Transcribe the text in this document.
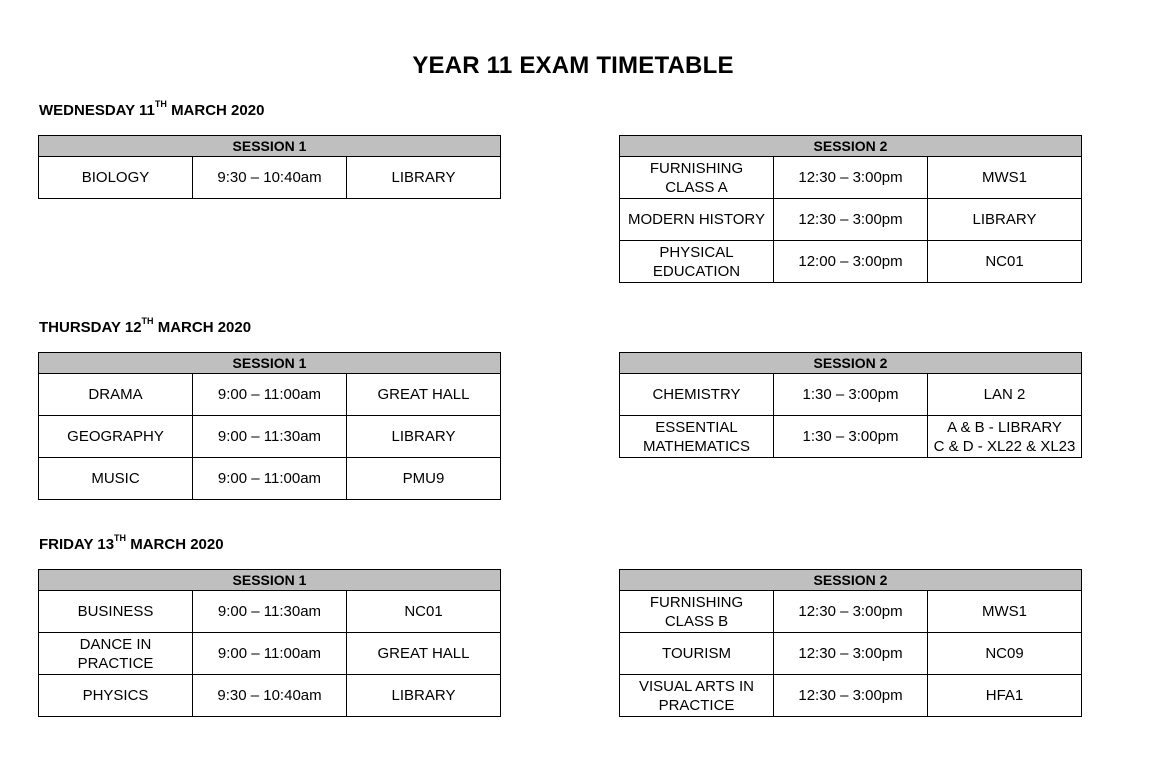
YEAR 11 EXAM TIMETABLE
WEDNESDAY 11TH MARCH 2020
SESSION 1
BIOLOGY	9:30 – 10:40am	LIBRARY
SESSION 2		
FURNISHING CLASS A	12:30 – 3:00pm	MWS1
MODERN HISTORY	12:30 – 3:00pm	LIBRARY
PHYSICAL EDUCATION	12:00 – 3:00pm	NC01
THURSDAY 12TH MARCH 2020
SESSION 1		
DRAMA	9:00 – 11:00am	GREAT HALL
GEOGRAPHY	9:00 – 11:30am	LIBRARY
MUSIC	9:00 – 11:00am	PMU9
SESSION 2		
CHEMISTRY	1:30 – 3:00pm	LAN 2
ESSENTIAL MATHEMATICS	1:30 – 3:00pm	A & B - LIBRARY
C & D - XL22 & XL23
FRIDAY 13TH MARCH 2020
SESSION 1		
BUSINESS	9:00 – 11:30am	NC01
DANCE IN PRACTICE	9:00 – 11:00am	GREAT HALL
PHYSICS	9:30 – 10:40am	LIBRARY
SESSION 2		
FURNISHING CLASS B	12:30 – 3:00pm	MWS1
TOURISM	12:30 – 3:00pm	NC09
VISUAL ARTS IN PRACTICE	12:30 – 3:00pm	HFA1
